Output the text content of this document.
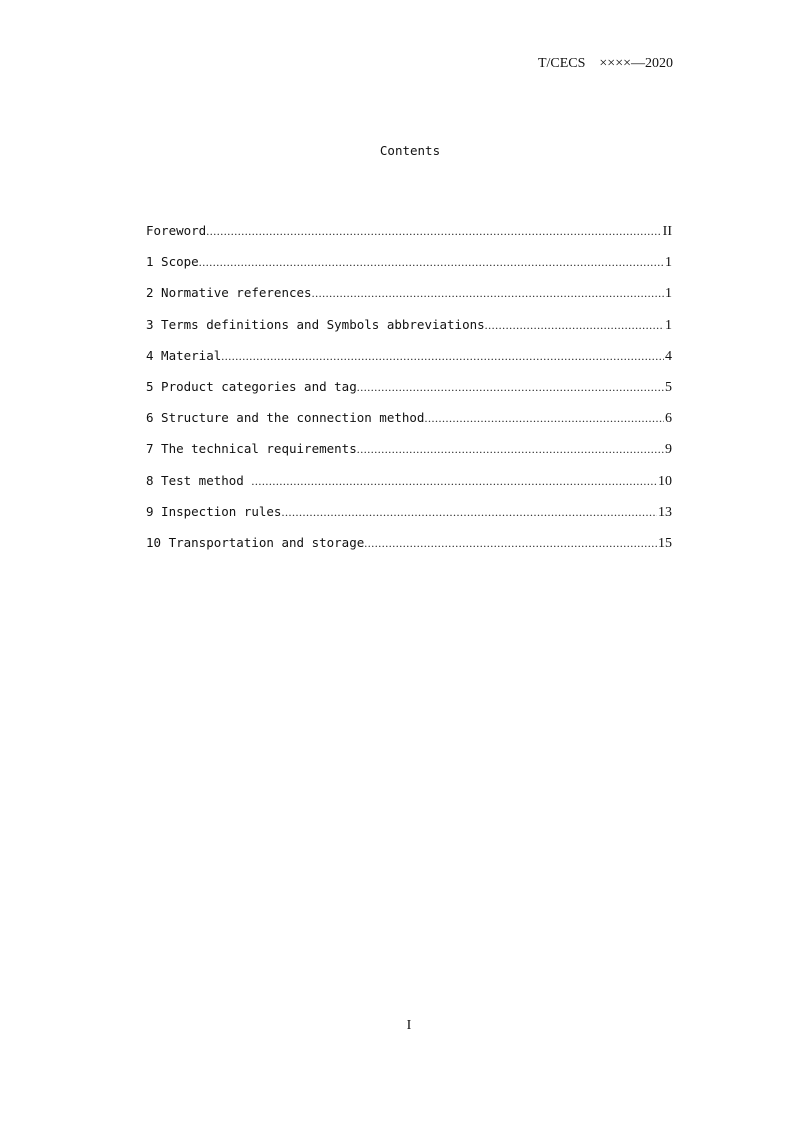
T/CECS    ××××—2020
Contents
Foreword .....	II
1 Scope .....	1
2 Normative references .....	1
3 Terms definitions and Symbols abbreviations .....	1
4 Material .....	4
5 Product categories and tag .....	5
6 Structure and the connection method .....	6
7 The technical requirements .....	9
8 Test method .....	10
9 Inspection rules .....	13
10 Transportation and storage .....	15
I
